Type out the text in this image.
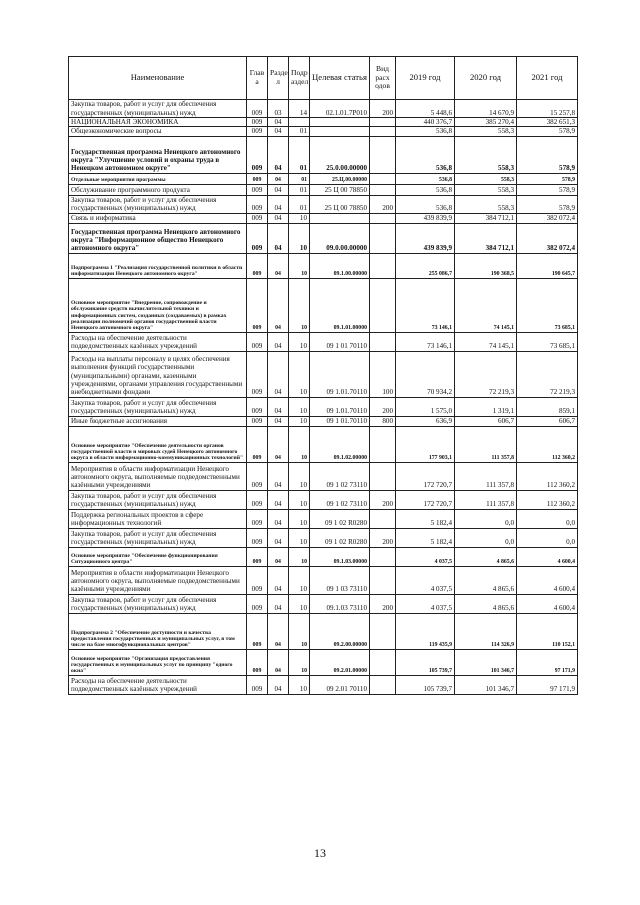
Наименование	Глав а	Разде л	Подр аздел	Целевая статья	Вид расх одов	2019 год	2020 год	2021 год
Закупка товаров, работ и услуг для обеспечения государственных (муниципальных) нужд	009	03	14	02.1.01.7Р010	200	5 448,6	14 670,9	15 257,8
НАЦИОНАЛЬНАЯ ЭКОНОМИКА	009	04				440 376,7	385 270,4	382 651,3
Общеэкономические вопросы	009	04	01			536,8	558,3	578,9
Государственная программа Ненецкого автономного округа "Улучшение условий и охраны труда в Ненецком автономном округе"	009	04	01	25.0.00.00000		536,8	558,3	578,9
Отдельные мероприятия программы	009	04	01	25.Ц.00.00000		536,8	558,3	578,9
Обслуживание программного продукта	009	04	01	25 Ц 00 78850		536,8	558,3	578,9
Закупка товаров, работ и услуг для обеспечения государственных (муниципальных) нужд	009	04	01	25 Ц 00 78850	200	536,8	558,3	578,9
Связь и информатика	009	04	10			439 839,9	384 712,1	382 072,4
Государственная программа Ненецкого автономного округа "Информационное общество Ненецкого автономного округа"	009	04	10	09.0.00.00000		439 839,9	384 712,1	382 072,4
Подпрограмма 1 "Реализация государственной политики в области информатизации Ненецкого автономного округа"	009	04	10	09.1.00.00000		255 086,7	190 368,5	190 645,7
Основное мероприятие "Внедрение, сопровождение и обслуживание средств вычислительной техники и информационных систем, созданных (создаваемых) в рамках реализации полномочий органов государственной власти Ненецкого автономного округа"	009	04	10	09.1.01.00000		73 146,1	74 145,1	73 685,1
Расходы на обеспечение деятельности подведомственных казённых учреждений	009	04	10	09 1 01 70110		73 146,1	74 145,1	73 685,1
Расходы на выплаты персоналу в целях обеспечения выполнения функций государственными (муниципальными) органами, казенными учреждениями, органами управления государственными внебюджетными фондами	009	04	10	09 1.01.70110	100	70 934,2	72 219,3	72 219,3
Закупка товаров, работ и услуг для обеспечения государственных (муниципальных) нужд	009	04	10	09 1.01.70110	200	1 575,0	1 319,1	859,1
Иные бюджетные ассигнования	009	04	10	09 1 01.70110	800	636,9	606,7	606,7
Основное мероприятие "Обеспечение деятельности органов государственной власти и мировых судей Ненецкого автономного округа в области информационно-коммуникационных технологий"	009	04	10	09.1.02.00000		177 903,1	111 357,8	112 360,2
Мероприятия в области информатизации Ненецкого автономного округа, выполняемые подведомственными казёнными учреждениями	009	04	10	09 1 02 73110		172 720,7	111 357,8	112 360,2
Закупка товаров, работ и услуг для обеспечения государственных (муниципальных) нужд	009	04	10	09 1 02 73110	200	172 720,7	111 357,8	112 360,2
Поддержка региональных проектов в сфере информационных технологий	009	04	10	09 1 02 R0280		5 182,4	0,0	0,0
Закупка товаров, работ и услуг для обеспечения государственных (муниципальных) нужд	009	04	10	09 1 02 R0280	200	5 182,4	0,0	0,0
Основное мероприятие "Обеспечение функционирования Ситуационного центра"	009	04	10	09.1.03.00000		4 037,5	4 865,6	4 600,4
Мероприятия в области информатизации Ненецкого автономного округа, выполняемые подведомственными казёнными учреждениями	009	04	10	09 1 03 73110		4 037,5	4 865,6	4 600,4
Закупка товаров, работ и услуг для обеспечения государственных (муниципальных) нужд	009	04	10	09.1.03 73110	200	4 037,5	4 865,6	4 600,4
Подпрограмма 2 "Обеспечение доступности и качества предоставления государственных и муниципальных услуг, в том числе на базе многофункциональных центров"	009	04	10	09.2.00.00000		119 435,9	114 326,9	110 152,1
Основное мероприятие "Организация предоставления государственных и муниципальных услуг по принципу "одного окна"	009	04	10	09.2.01.00000		105 739,7	101 346,7	97 171,9
Расходы на обеспечение деятельности подведомственных казённых учреждений	009	04	10	09 2.01 70110		105 739,7	101 346,7	97 171,9
13
